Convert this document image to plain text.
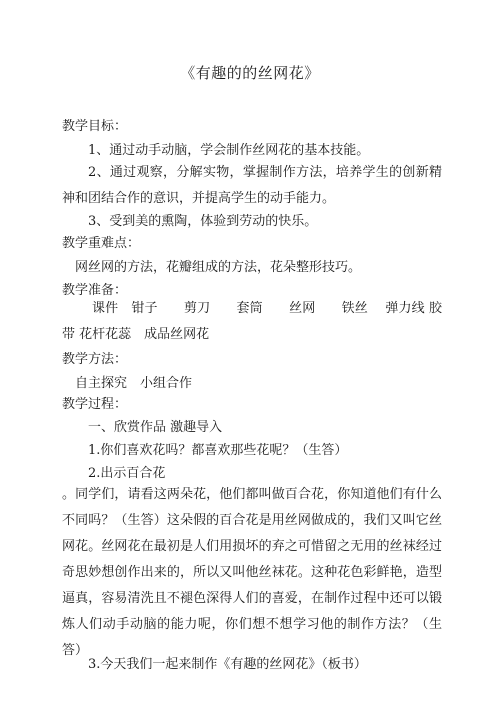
《有趣的的丝网花》
教学目标：
1、通过动手动脑，学会制作丝网花的基本技能。
2、通过观察，分解实物，掌握制作方法，培养学生的创新精神和团结合作的意识，并提高学生的动手能力。
3、受到美的熏陶，体验到劳动的快乐。
教学重难点：
网丝网的方法，花瓣组成的方法，花朵整形技巧。
教学准备：
课件　钳子　　剪刀　　套筒　　丝网　　铁丝　 弹力线 胶带 花杆花蕊　成品丝网花
教学方法：
自主探究　小组合作
教学过程：
一、欣赏作品 激趣导入
1.你们喜欢花吗？都喜欢那些花呢？（生答）
2.出示百合花
。同学们，请看这两朵花，他们都叫做百合花，你知道他们有什么不同吗？（生答）这朵假的百合花是用丝网做成的，我们又叫它丝网花。丝网花在最初是人们用损坏的弃之可惜留之无用的丝袜经过奇思妙想创作出来的，所以又叫他丝袜花。这种花色彩鲜艳，造型逼真，容易清洗且不褪色深得人们的喜爱，在制作过程中还可以锻炼人们动手动脑的能力呢，你们想不想学习他的制作方法？（生答）
3.今天我们一起来制作《有趣的丝网花》（板书）
